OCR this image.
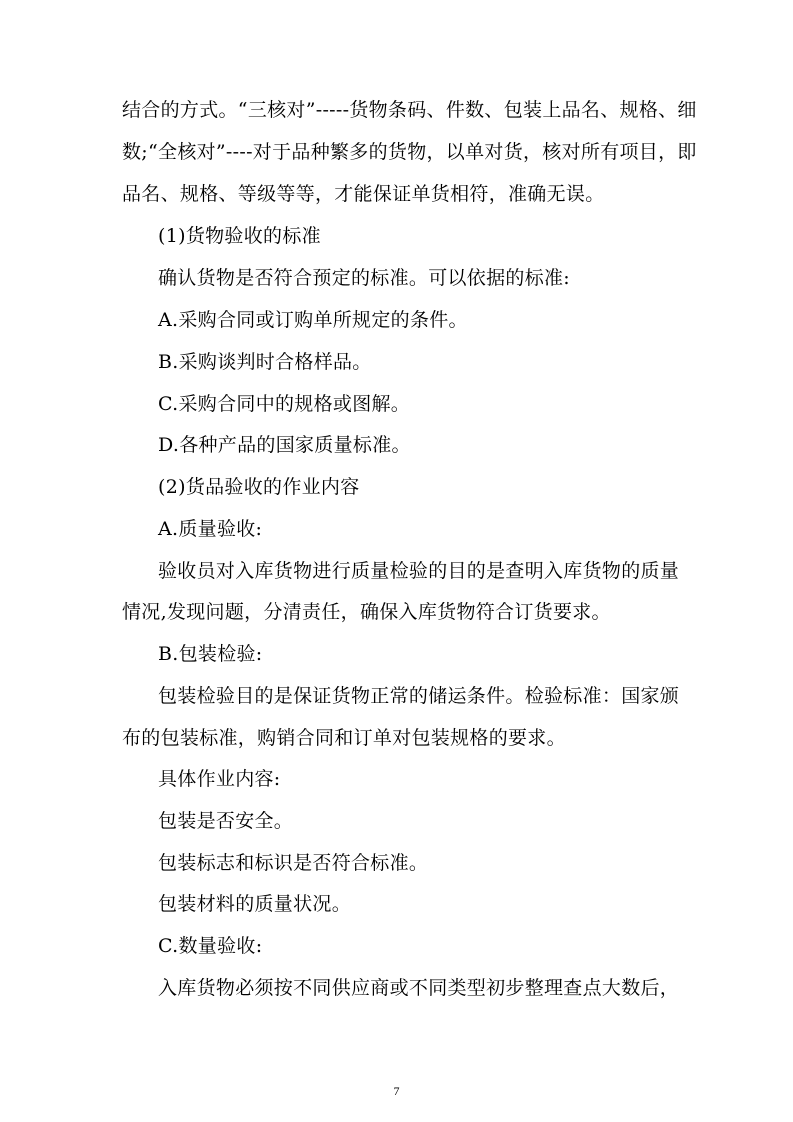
结合的方式。“三核对”-----货物条码、件数、包装上品名、规格、细
数;“全核对”----对于品种繁多的货物，以单对货，核对所有项目，即
品名、规格、等级等等，才能保证单货相符，准确无误。
(1)货物验收的标准
确认货物是否符合预定的标准。可以依据的标准:
A.采购合同或订购单所规定的条件。
B.采购谈判时合格样品。
C.采购合同中的规格或图解。
D.各种产品的国家质量标准。
(2)货品验收的作业内容
A.质量验收:
验收员对入库货物进行质量检验的目的是查明入库货物的质量
情况,发现问题，分清责任，确保入库货物符合订货要求。
B.包装检验:
包装检验目的是保证货物正常的储运条件。检验标准：国家颁
布的包装标准，购销合同和订单对包装规格的要求。
具体作业内容:
包装是否安全。
包装标志和标识是否符合标准。
包装材料的质量状况。
C.数量验收:
入库货物必须按不同供应商或不同类型初步整理查点大数后，
7
